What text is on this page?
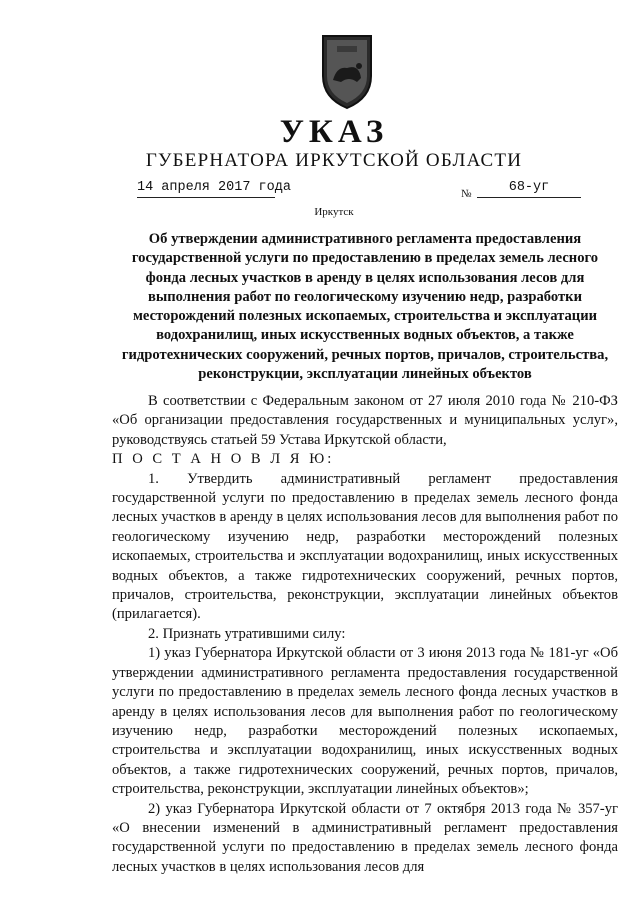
УКАЗ
ГУБЕРНАТОРА ИРКУТСКОЙ ОБЛАСТИ
14 апреля 2017 года	№	68-уг
Иркутск
Об утверждении административного регламента предоставления государственной услуги по предоставлению в пределах земель лесного фонда лесных участков в аренду в целях использования лесов для выполнения работ по геологическому изучению недр, разработки месторождений полезных ископаемых, строительства и эксплуатации водохранилищ, иных искусственных водных объектов, а также гидротехнических сооружений, речных портов, причалов, строительства, реконструкции, эксплуатации линейных объектов

В соответствии с Федеральным законом от 27 июля 2010 года № 210-ФЗ «Об организации предоставления государственных и муниципальных услуг», руководствуясь статьей 59 Устава Иркутской области,

П О С Т А Н О В Л Я Ю:

1. Утвердить административный регламент предоставления государственной услуги по предоставлению в пределах земель лесного фонда лесных участков в аренду в целях использования лесов для выполнения работ по геологическому изучению недр, разработки месторождений полезных ископаемых, строительства и эксплуатации водохранилищ, иных искусственных водных объектов, а также гидротехнических сооружений, речных портов, причалов, строительства, реконструкции, эксплуатации линейных объектов (прилагается).

2. Признать утратившими силу:

1) указ Губернатора Иркутской области от 3 июня 2013 года № 181-уг «Об утверждении административного регламента предоставления государственной услуги по предоставлению в пределах земель лесного фонда лесных участков в аренду в целях использования лесов для выполнения работ по геологическому изучению недр, разработки месторождений полезных ископаемых, строительства и эксплуатации водохранилищ, иных искусственных водных объектов, а также гидротехнических сооружений, речных портов, причалов, строительства, реконструкции, эксплуатации линейных объектов»;

2) указ Губернатора Иркутской области от 7 октября 2013 года № 357-уг «О внесении изменений в административный регламент предоставления государственной услуги по предоставлению в пределах земель лесного фонда лесных участков в целях использования лесов для
